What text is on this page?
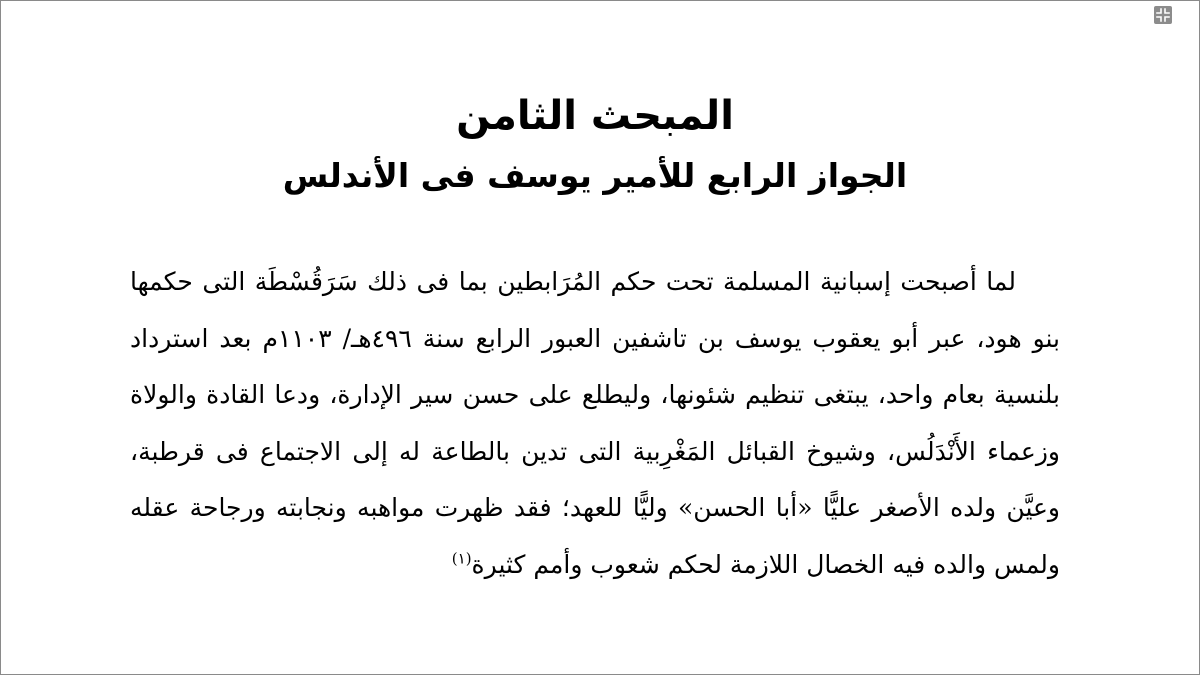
المبحث الثامن
الجواز الرابع للأمير يوسف فى الأندلس

لما أصبحت إسبانية المسلمة تحت حكم المُرَابطين بما فى ذلك سَرَقُسْطَة التى حكمها بنو هود، عبر أبو يعقوب يوسف بن تاشفين العبور الرابع سنة ٤٩٦هـ/ ١١٠٣م بعد استرداد بلنسية بعام واحد، يبتغى تنظيم شئونها، وليطلع على حسن سير الإدارة، ودعا القادة والولاة وزعماء الأَنْدَلُس، وشيوخ القبائل المَغْرِبية التى تدين بالطاعة له إلى الاجتماع فى قرطبة، وعيَّن ولده الأصغر عليًّا «أبا الحسن» وليًّا للعهد؛ فقد ظهرت مواهبه ونجابته ورجاحة عقله ولمس والده فيه الخصال اللازمة لحكم شعوب وأمم كثيرة$^{(١)}$
